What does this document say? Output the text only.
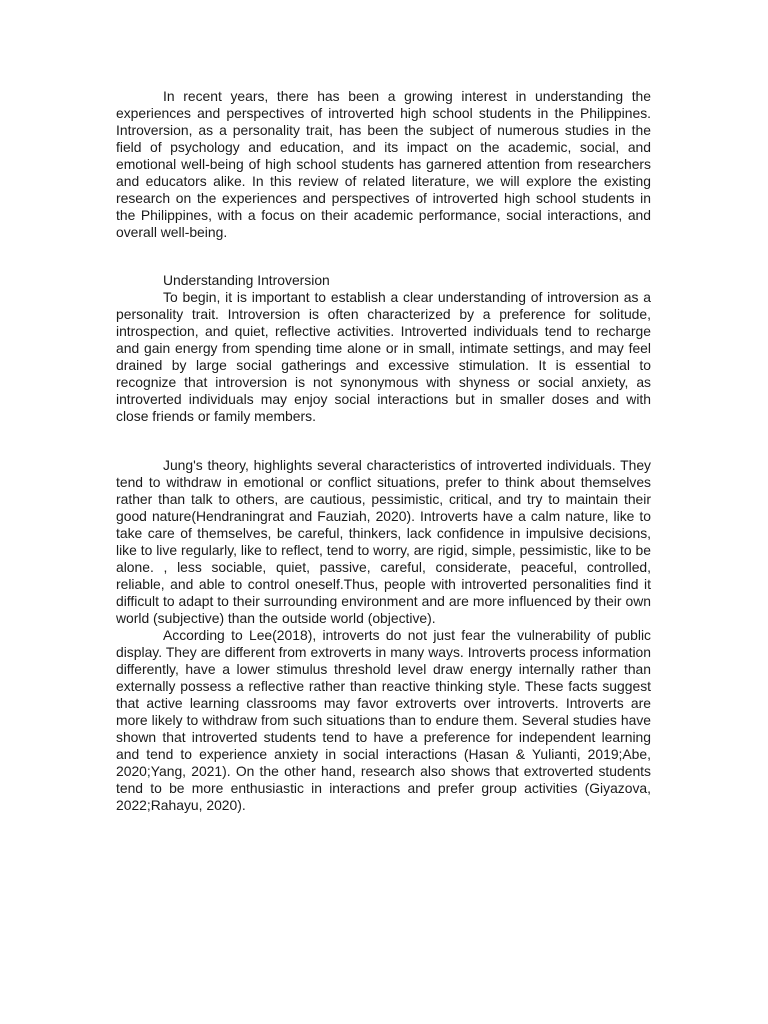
In recent years, there has been a growing interest in understanding the experiences and perspectives of introverted high school students in the Philippines. Introversion, as a personality trait, has been the subject of numerous studies in the field of psychology and education, and its impact on the academic, social, and emotional well-being of high school students has garnered attention from researchers and educators alike. In this review of related literature, we will explore the existing research on the experiences and perspectives of introverted high school students in the Philippines, with a focus on their academic performance, social interactions, and overall well-being.

Understanding Introversion

To begin, it is important to establish a clear understanding of introversion as a personality trait. Introversion is often characterized by a preference for solitude, introspection, and quiet, reflective activities. Introverted individuals tend to recharge and gain energy from spending time alone or in small, intimate settings, and may feel drained by large social gatherings and excessive stimulation. It is essential to recognize that introversion is not synonymous with shyness or social anxiety, as introverted individuals may enjoy social interactions but in smaller doses and with close friends or family members.

Jung's theory, highlights several characteristics of introverted individuals. They tend to withdraw in emotional or conflict situations, prefer to think about themselves rather than talk to others, are cautious, pessimistic, critical, and try to maintain their good nature(Hendraningrat and Fauziah, 2020). Introverts have a calm nature, like to take care of themselves, be careful, thinkers, lack confidence in impulsive decisions, like to live regularly, like to reflect, tend to worry, are rigid, simple, pessimistic, like to be alone. , less sociable, quiet, passive, careful, considerate, peaceful, controlled, reliable, and able to control oneself.Thus, people with introverted personalities find it difficult to adapt to their surrounding environment and are more influenced by their own world (subjective) than the outside world (objective).

According to Lee(2018), introverts do not just fear the vulnerability of public display. They are different from extroverts in many ways. Introverts process information differently, have a lower stimulus threshold level draw energy internally rather than externally possess a reflective rather than reactive thinking style. These facts suggest that active learning classrooms may favor extroverts over introverts. Introverts are more likely to withdraw from such situations than to endure them. Several studies have shown that introverted students tend to have a preference for independent learning and tend to experience anxiety in social interactions (Hasan & Yulianti, 2019;Abe, 2020;Yang, 2021). On the other hand, research also shows that extroverted students tend to be more enthusiastic in interactions and prefer group activities (Giyazova, 2022;Rahayu, 2020).
